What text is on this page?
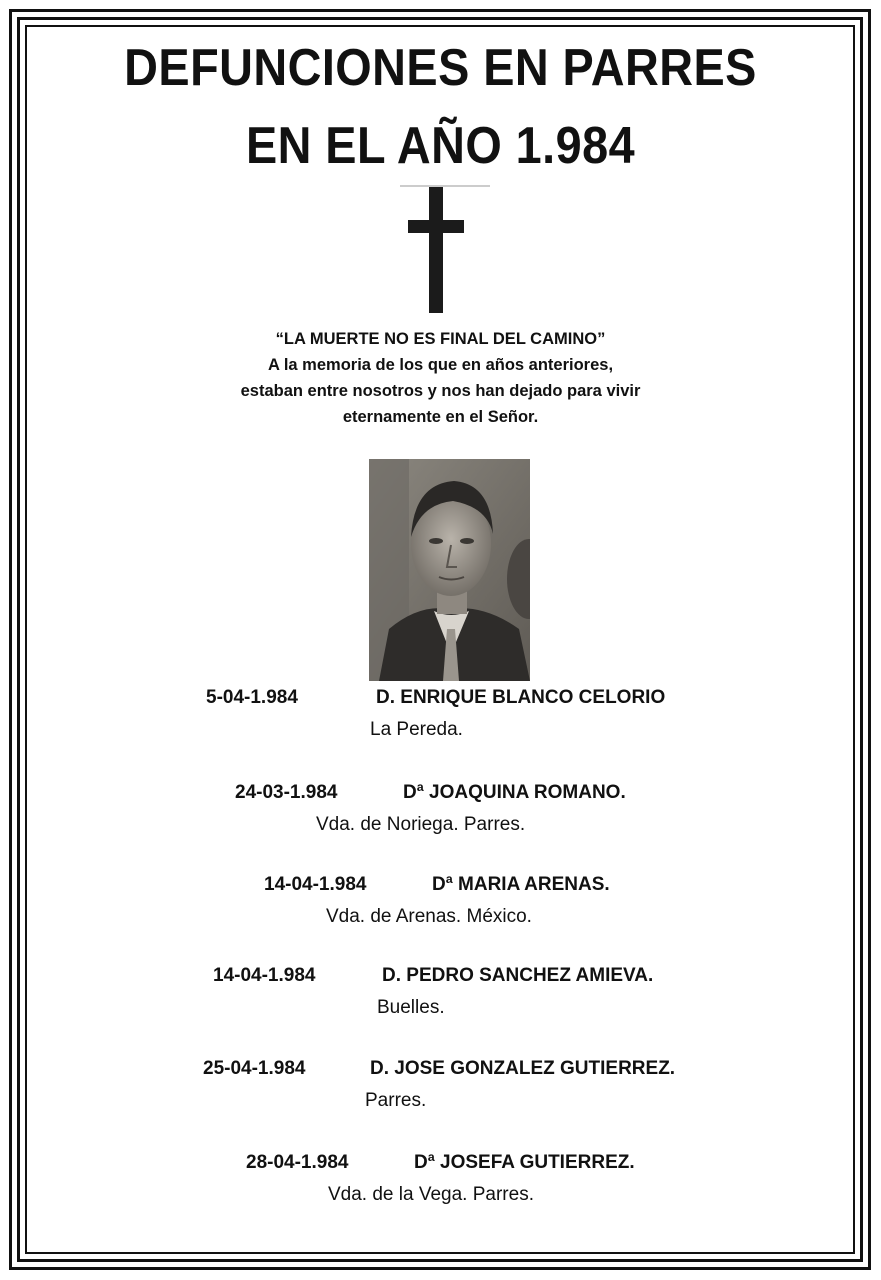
DEFUNCIONES EN PARRES
EN EL AÑO 1.984
“LA MUERTE NO ES FINAL DEL CAMINO”
A la memoria de los que en años anteriores,
estaban entre nosotros y nos han dejado para vivir
eternamente en el Señor.
5-04-1.984	D. ENRIQUE BLANCO CELORIO
La Pereda.
24-03-1.984	Dª JOAQUINA ROMANO.
Vda. de Noriega. Parres.
14-04-1.984	Dª MARIA ARENAS.
Vda. de Arenas. México.
14-04-1.984	D. PEDRO SANCHEZ AMIEVA.
Buelles.
25-04-1.984	D. JOSE GONZALEZ GUTIERREZ.
Parres.
28-04-1.984	Dª JOSEFA GUTIERREZ.
Vda. de la Vega. Parres.
